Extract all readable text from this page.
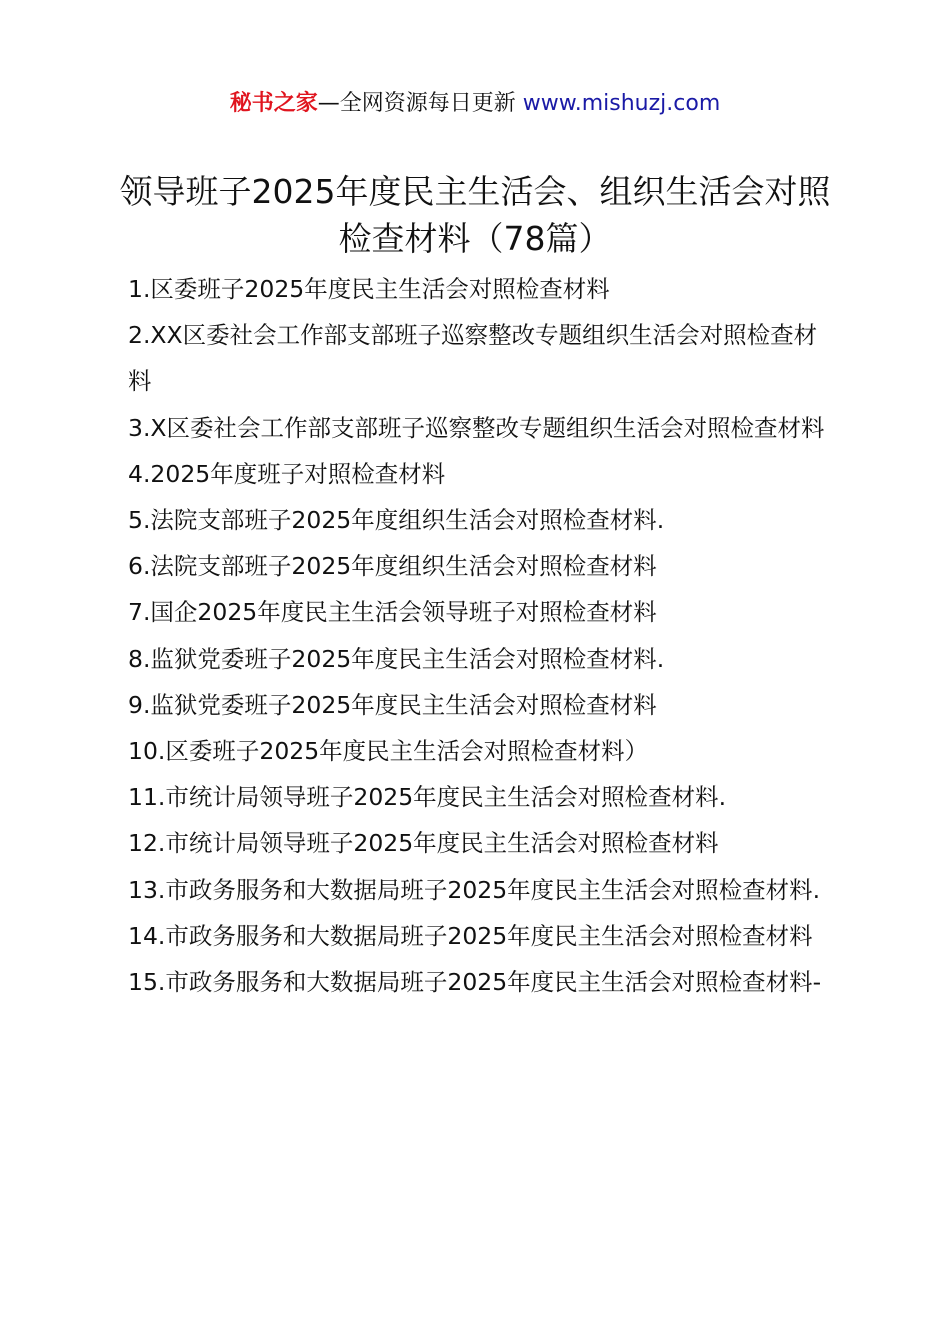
秘书之家—全网资源每日更新 www.mishuzj.com
领导班子2025年度民主生活会、组织生活会对照检查材料（78篇）
1.区委班子2025年度民主生活会对照检查材料
2.XX区委社会工作部支部班子巡察整改专题组织生活会对照检查材料
3.X区委社会工作部支部班子巡察整改专题组织生活会对照检查材料
4.2025年度班子对照检查材料
5.法院支部班子2025年度组织生活会对照检查材料.
6.法院支部班子2025年度组织生活会对照检查材料
7.国企2025年度民主生活会领导班子对照检查材料
8.监狱党委班子2025年度民主生活会对照检查材料.
9.监狱党委班子2025年度民主生活会对照检查材料
10.区委班子2025年度民主生活会对照检查材料）
11.市统计局领导班子2025年度民主生活会对照检查材料.
12.市统计局领导班子2025年度民主生活会对照检查材料
13.市政务服务和大数据局班子2025年度民主生活会对照检查材料.
14.市政务服务和大数据局班子2025年度民主生活会对照检查材料
15.市政务服务和大数据局班子2025年度民主生活会对照检查材料-
